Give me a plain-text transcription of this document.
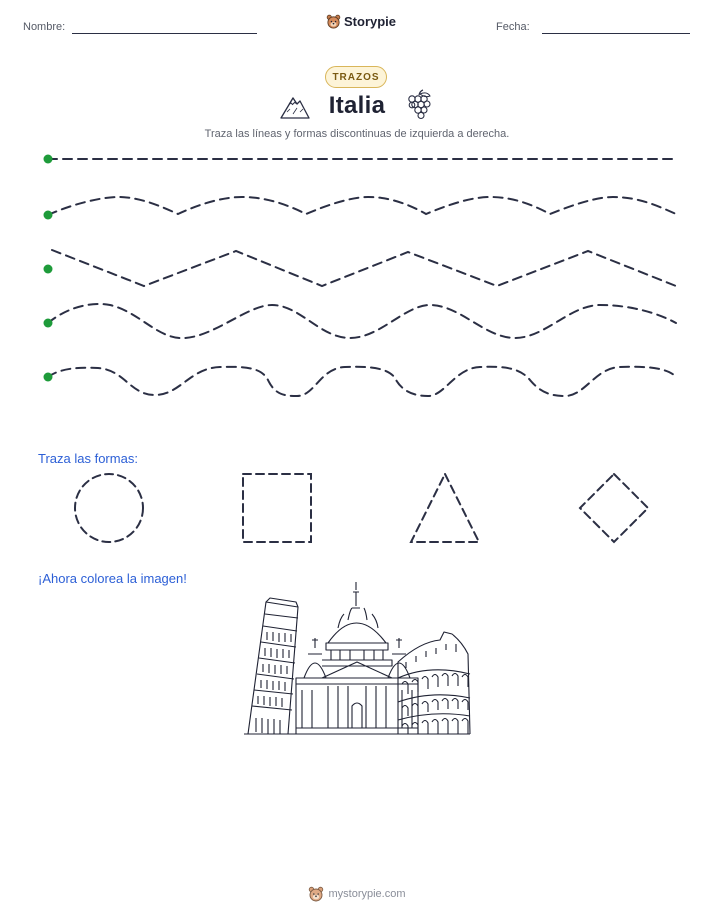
Nombre:	Storypie	Fecha:
TRAZOS
Italia
Traza las líneas y formas discontinuas de izquierda a derecha.
Traza las formas:
¡Ahora colorea la imagen!
mystorypie.com
